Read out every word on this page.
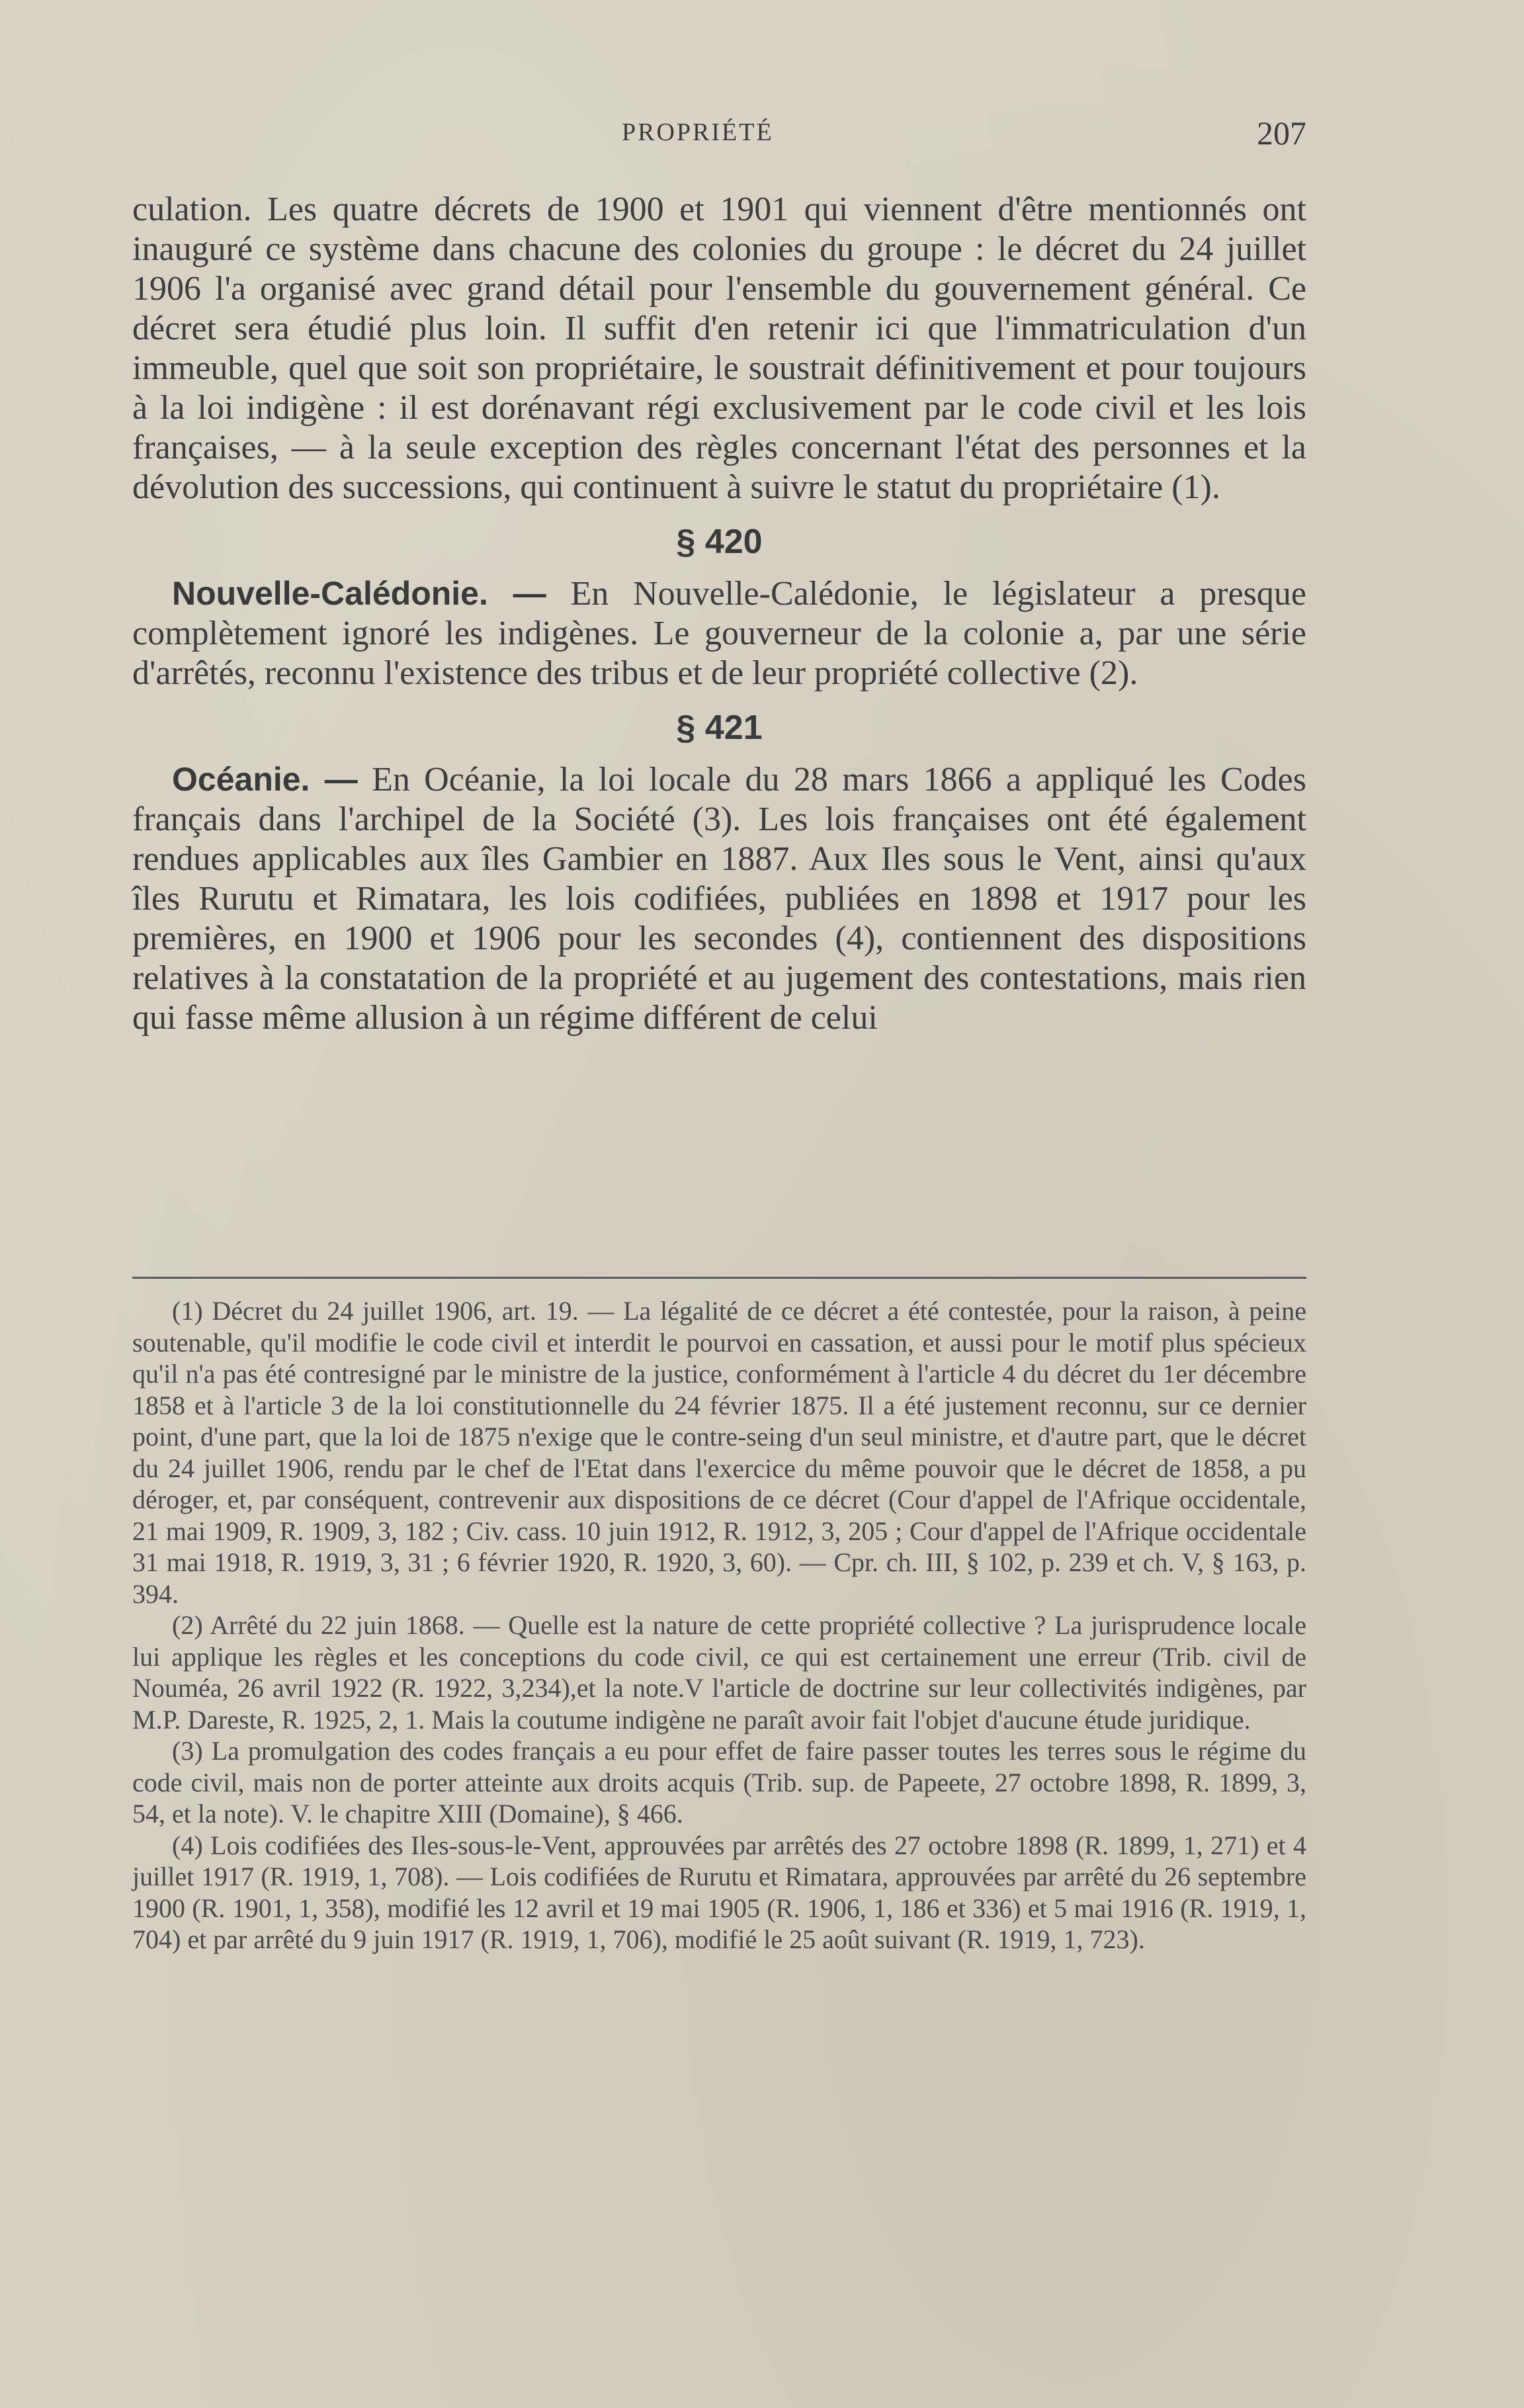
PROPRIÉTÉ	207

culation. Les quatre décrets de 1900 et 1901 qui viennent d'être mentionnés ont inauguré ce système dans chacune des colonies du groupe : le décret du 24 juillet 1906 l'a organisé avec grand détail pour l'ensemble du gouvernement général. Ce décret sera étudié plus loin. Il suffit d'en retenir ici que l'immatriculation d'un immeuble, quel que soit son propriétaire, le soustrait définitivement et pour toujours à la loi indigène : il est dorénavant régi exclusivement par le code civil et les lois françaises, — à la seule exception des règles concernant l'état des personnes et la dévolution des successions, qui continuent à suivre le statut du propriétaire (1).

§ 420

Nouvelle-Calédonie. — En Nouvelle-Calédonie, le législateur a presque complètement ignoré les indigènes. Le gouverneur de la colonie a, par une série d'arrêtés, reconnu l'existence des tribus et de leur propriété collective (2).

§ 421

Océanie. — En Océanie, la loi locale du 28 mars 1866 a appliqué les Codes français dans l'archipel de la Société (3). Les lois françaises ont été également rendues applicables aux îles Gambier en 1887. Aux Iles sous le Vent, ainsi qu'aux îles Rurutu et Rimatara, les lois codifiées, publiées en 1898 et 1917 pour les premières, en 1900 et 1906 pour les secondes (4), contiennent des dispositions relatives à la constatation de la propriété et au jugement des contestations, mais rien qui fasse même allusion à un régime différent de celui

(1) Décret du 24 juillet 1906, art. 19. — La légalité de ce décret a été contestée, pour la raison, à peine soutenable, qu'il modifie le code civil et interdit le pourvoi en cassation, et aussi pour le motif plus spécieux qu'il n'a pas été contresigné par le ministre de la justice, conformément à l'article 4 du décret du 1er décembre 1858 et à l'article 3 de la loi constitutionnelle du 24 février 1875. Il a été justement reconnu, sur ce dernier point, d'une part, que la loi de 1875 n'exige que le contre-seing d'un seul ministre, et d'autre part, que le décret du 24 juillet 1906, rendu par le chef de l'Etat dans l'exercice du même pouvoir que le décret de 1858, a pu déroger, et, par conséquent, contrevenir aux dispositions de ce décret (Cour d'appel de l'Afrique occidentale, 21 mai 1909, R. 1909, 3, 182 ; Civ. cass. 10 juin 1912, R. 1912, 3, 205 ; Cour d'appel de l'Afrique occidentale 31 mai 1918, R. 1919, 3, 31 ; 6 février 1920, R. 1920, 3, 60). — Cpr. ch. III, § 102, p. 239 et ch. V, § 163, p. 394.

(2) Arrêté du 22 juin 1868. — Quelle est la nature de cette propriété collective ? La jurisprudence locale lui applique les règles et les conceptions du code civil, ce qui est certainement une erreur (Trib. civil de Nouméa, 26 avril 1922 (R. 1922, 3,234),et la note.V l'article de doctrine sur leur collectivités indigènes, par M.P. Dareste, R. 1925, 2, 1. Mais la coutume indigène ne paraît avoir fait l'objet d'aucune étude juridique.

(3) La promulgation des codes français a eu pour effet de faire passer toutes les terres sous le régime du code civil, mais non de porter atteinte aux droits acquis (Trib. sup. de Papeete, 27 octobre 1898, R. 1899, 3, 54, et la note). V. le chapitre XIII (Domaine), § 466.

(4) Lois codifiées des Iles-sous-le-Vent, approuvées par arrêtés des 27 octobre 1898 (R. 1899, 1, 271) et 4 juillet 1917 (R. 1919, 1, 708). — Lois codifiées de Rurutu et Rimatara, approuvées par arrêté du 26 septembre 1900 (R. 1901, 1, 358), modifié les 12 avril et 19 mai 1905 (R. 1906, 1, 186 et 336) et 5 mai 1916 (R. 1919, 1, 704) et par arrêté du 9 juin 1917 (R. 1919, 1, 706), modifié le 25 août suivant (R. 1919, 1, 723).
